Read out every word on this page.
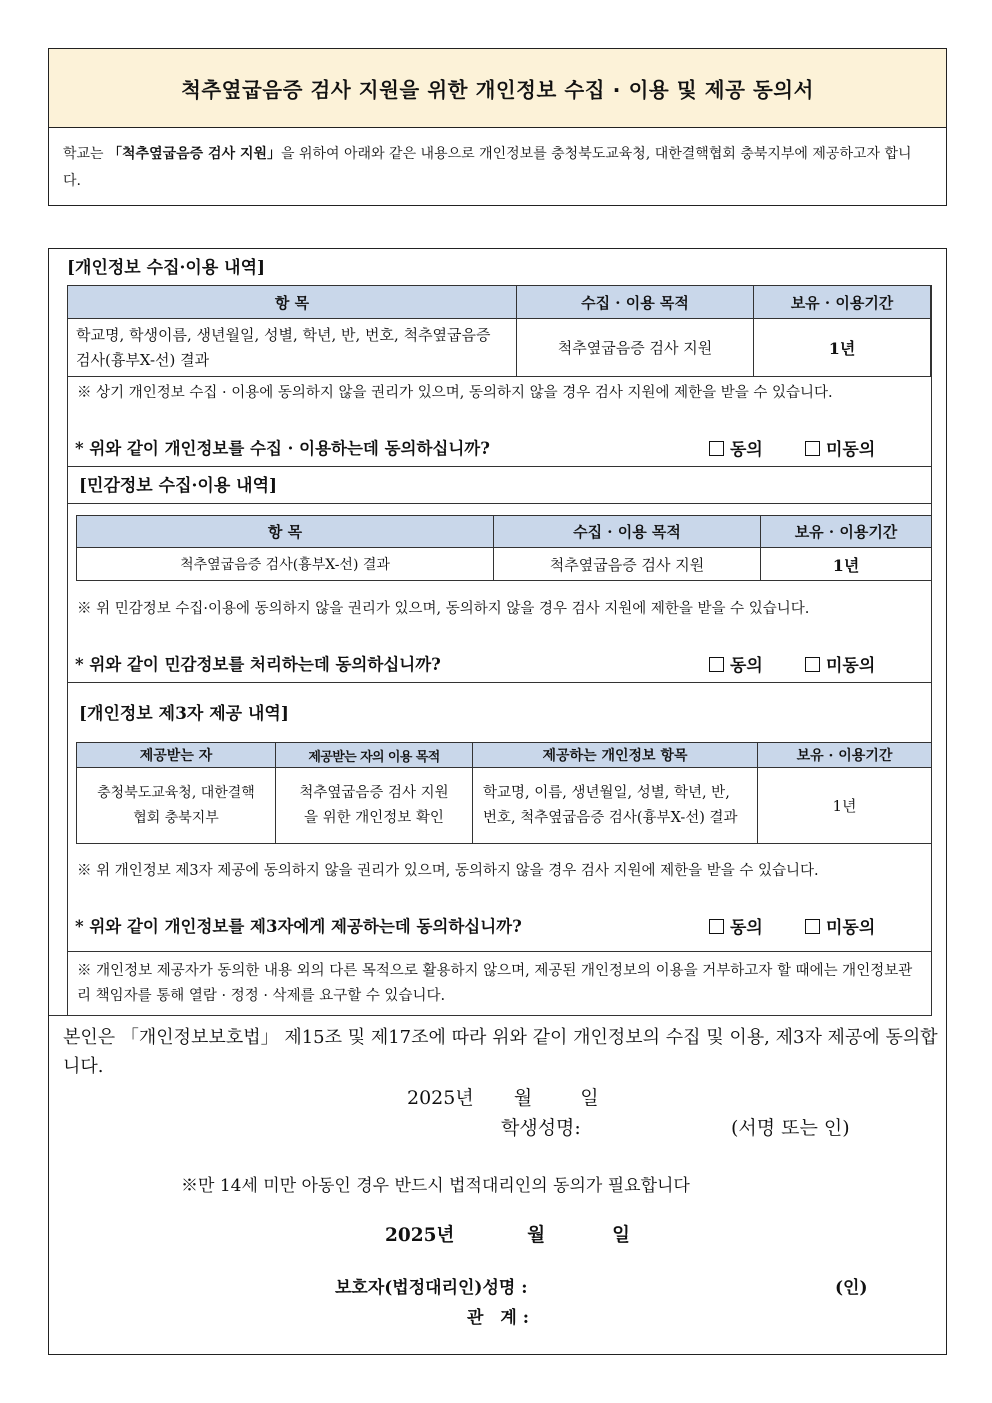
척추옆굽음증 검사 지원을 위한 개인정보 수집 · 이용 및 제공 동의서
학교는 「척추옆굽음증 검사 지원」을 위하여 아래와 같은 내용으로 개인정보를 충청북도교육청, 대한결핵협회 충북지부에 제공하고자 합니다.
[개인정보 수집·이용 내역]
항 목	수집 · 이용 목적	보유 · 이용기간
학교명, 학생이름, 생년월일, 성별, 학년, 반, 번호, 척추옆굽음증 검사(흉부X-선) 결과	척추옆굽음증 검사 지원	1년
※ 상기 개인정보 수집 · 이용에 동의하지 않을 권리가 있으며, 동의하지 않을 경우 검사 지원에 제한을 받을 수 있습니다.
* 위와 같이 개인정보를 수집 · 이용하는데 동의하십니까?	동의	미동의
[민감정보 수집·이용 내역]
항 목	수집 · 이용 목적	보유 · 이용기간
척추옆굽음증 검사(흉부X-선) 결과	척추옆굽음증 검사 지원	1년
※ 위 민감정보 수집·이용에 동의하지 않을 권리가 있으며, 동의하지 않을 경우 검사 지원에 제한을 받을 수 있습니다.
* 위와 같이 민감정보를 처리하는데 동의하십니까?	동의	미동의
[개인정보 제3자 제공 내역]
제공받는 자	제공받는 자의 이용 목적	제공하는 개인정보 항목	보유 · 이용기간
충청북도교육청, 대한결핵협회 충북지부	척추옆굽음증 검사 지원을 위한 개인정보 확인	학교명, 이름, 생년월일, 성별, 학년, 반, 번호, 척추옆굽음증 검사(흉부X-선) 결과	1년
※ 위 개인정보 제3자 제공에 동의하지 않을 권리가 있으며, 동의하지 않을 경우 검사 지원에 제한을 받을 수 있습니다.
* 위와 같이 개인정보를 제3자에게 제공하는데 동의하십니까?	동의	미동의
※ 개인정보 제공자가 동의한 내용 외의 다른 목적으로 활용하지 않으며, 제공된 개인정보의 이용을 거부하고자 할 때에는 개인정보관리 책임자를 통해 열람 · 정정 · 삭제를 요구할 수 있습니다.
본인은 「개인정보보호법」 제15조 및 제17조에 따라 위와 같이 개인정보의 수집 및 이용, 제3자 제공에 동의합니다.
2025년 월	일
학생성명:	(서명 또는 인)
※만 14세 미만 아동인 경우 반드시 법적대리인의 동의가 필요합니다
2025년	월	일
보호자(법정대리인)성명 :	(인)
관　계 :
